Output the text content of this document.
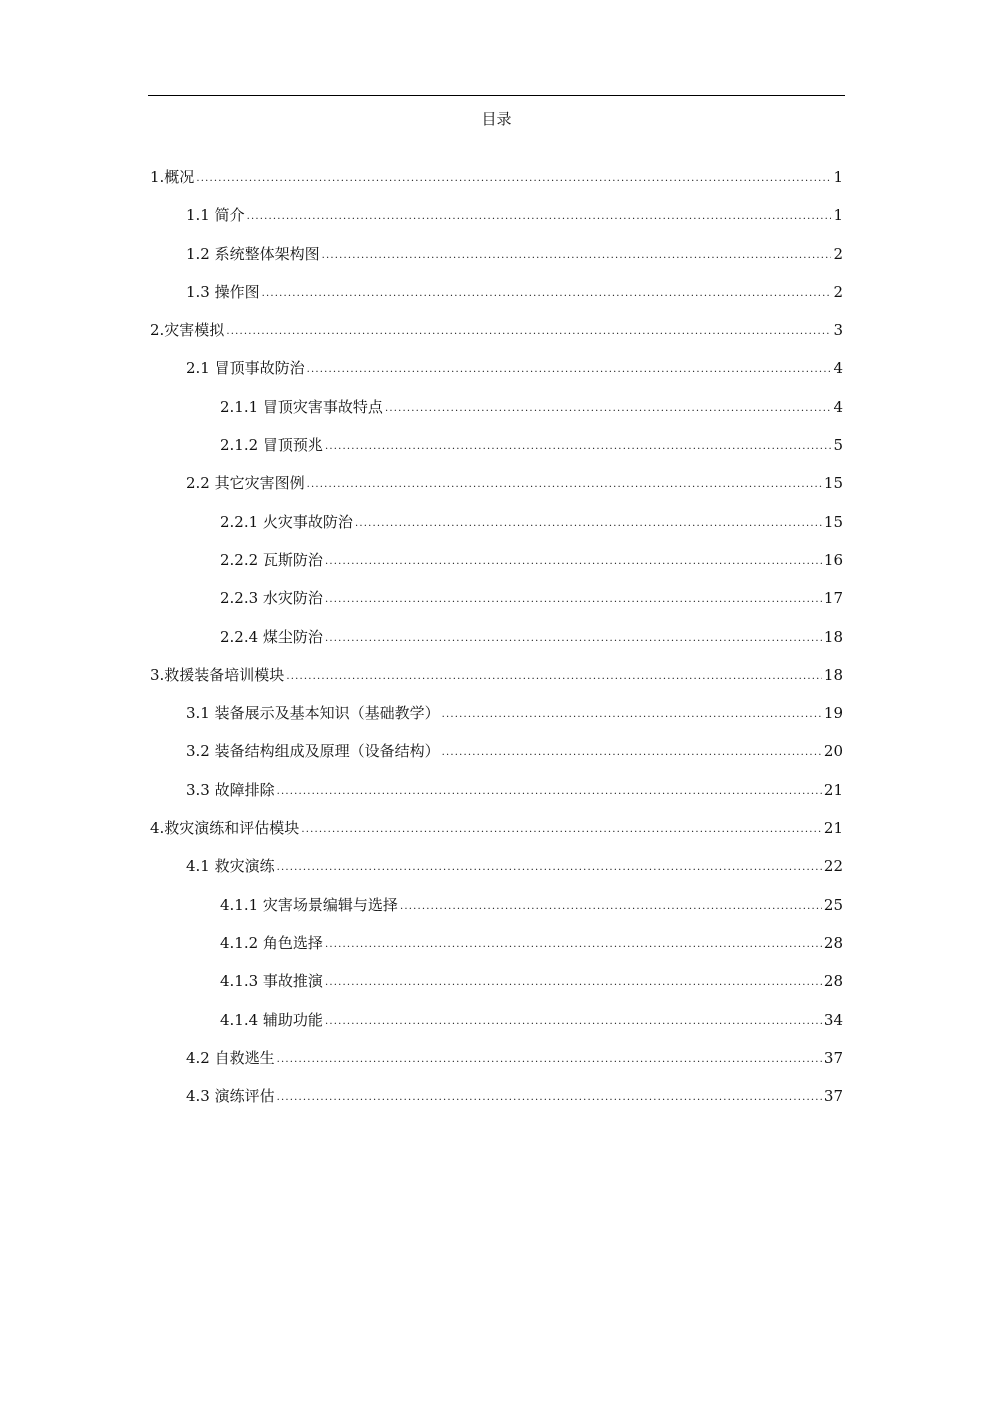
目录
1.概况 .....	1
1.1 简介 .....	1
1.2 系统整体架构图 .....	2
1.3 操作图 .....	2
2.灾害模拟 .....	3
2.1 冒顶事故防治 .....	4
2.1.1 冒顶灾害事故特点 .....	4
2.1.2 冒顶预兆 .....	5
2.2 其它灾害图例 .....	15
2.2.1 火灾事故防治 .....	15
2.2.2 瓦斯防治 .....	16
2.2.3 水灾防治 .....	17
2.2.4 煤尘防治 .....	18
3.救援装备培训模块 .....	18
3.1 装备展示及基本知识（基础教学） .....	19
3.2 装备结构组成及原理（设备结构） .....	20
3.3 故障排除 .....	21
4.救灾演练和评估模块 .....	21
4.1 救灾演练 .....	22
4.1.1 灾害场景编辑与选择 .....	25
4.1.2 角色选择 .....	28
4.1.3 事故推演 .....	28
4.1.4 辅助功能 .....	34
4.2 自救逃生 .....	37
4.3 演练评估 .....	37
